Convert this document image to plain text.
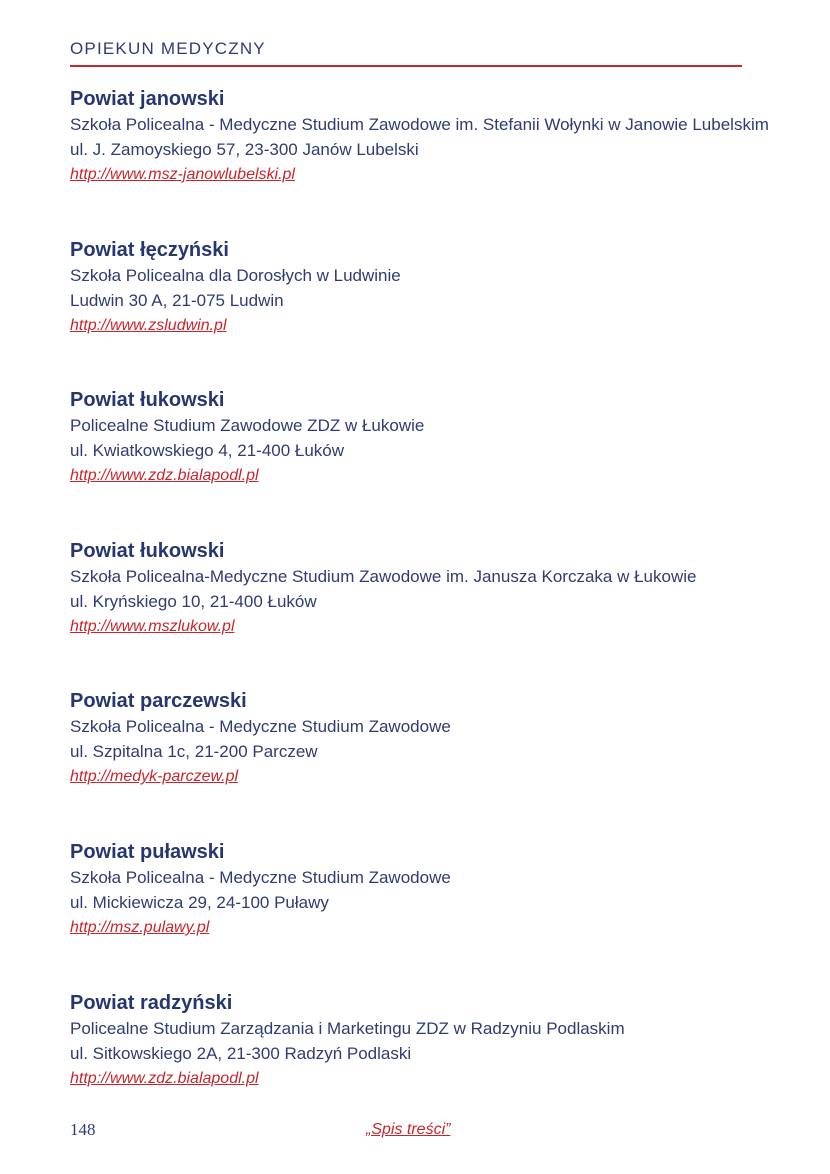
OPIEKUN MEDYCZNY
Powiat janowski
Szkoła Policealna - Medyczne Studium Zawodowe im. Stefanii Wołynki w Janowie Lubelskim
ul. J. Zamoyskiego 57, 23-300 Janów Lubelski
http://www.msz-janowlubelski.pl
Powiat łęczyński
Szkoła Policealna dla Dorosłych w Ludwinie
Ludwin 30 A, 21-075 Ludwin
http://www.zsludwin.pl
Powiat łukowski
Policealne Studium Zawodowe ZDZ w Łukowie
ul. Kwiatkowskiego 4, 21-400 Łuków
http://www.zdz.bialapodl.pl
Powiat łukowski
Szkoła Policealna-Medyczne Studium Zawodowe im. Janusza Korczaka w Łukowie
ul. Kryńskiego 10, 21-400 Łuków
http://www.mszlukow.pl
Powiat parczewski
Szkoła Policealna - Medyczne Studium Zawodowe
ul. Szpitalna 1c, 21-200 Parczew
http://medyk-parczew.pl
Powiat puławski
Szkoła Policealna - Medyczne Studium Zawodowe
ul. Mickiewicza 29, 24-100 Puławy
http://msz.pulawy.pl
Powiat radzyński
Policealne Studium Zarządzania i Marketingu ZDZ w Radzyniu Podlaskim
ul. Sitkowskiego 2A, 21-300 Radzyń Podlaski
http://www.zdz.bialapodl.pl
148	„Spis treści”
